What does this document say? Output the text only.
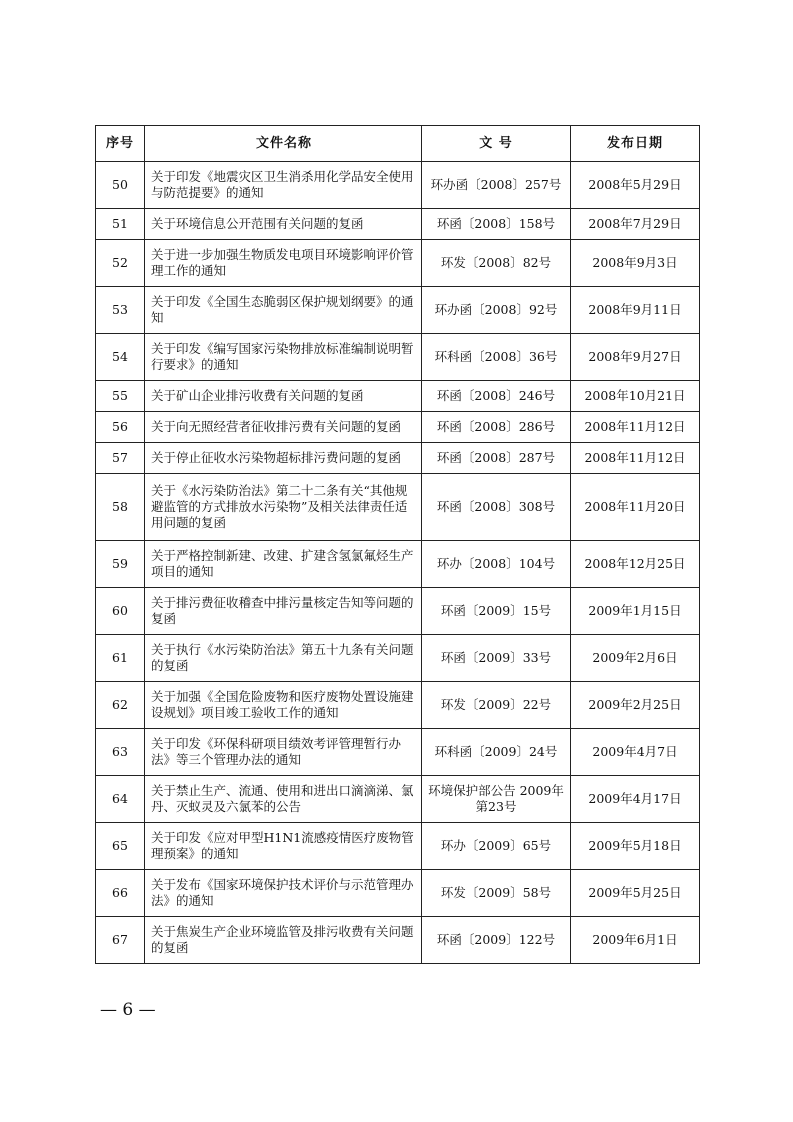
序号	文件名称	文 号	发布日期
50	关于印发《地震灾区卫生消杀用化学品安全使用与防范提要》的通知	环办函〔2008〕257号	2008年5月29日
51	关于环境信息公开范围有关问题的复函	环函〔2008〕158号	2008年7月29日
52	关于进一步加强生物质发电项目环境影响评价管理工作的通知	环发〔2008〕82号	2008年9月3日
53	关于印发《全国生态脆弱区保护规划纲要》的通知	环办函〔2008〕92号	2008年9月11日
54	关于印发《编写国家污染物排放标准编制说明暂行要求》的通知	环科函〔2008〕36号	2008年9月27日
55	关于矿山企业排污收费有关问题的复函	环函〔2008〕246号	2008年10月21日
56	关于向无照经营者征收排污费有关问题的复函	环函〔2008〕286号	2008年11月12日
57	关于停止征收水污染物超标排污费问题的复函	环函〔2008〕287号	2008年11月12日
58	关于《水污染防治法》第二十二条有关“其他规避监管的方式排放水污染物”及相关法律责任适用问题的复函	环函〔2008〕308号	2008年11月20日
59	关于严格控制新建、改建、扩建含氢氯氟烃生产项目的通知	环办〔2008〕104号	2008年12月25日
60	关于排污费征收稽查中排污量核定告知等问题的复函	环函〔2009〕15号	2009年1月15日
61	关于执行《水污染防治法》第五十九条有关问题的复函	环函〔2009〕33号	2009年2月6日
62	关于加强《全国危险废物和医疗废物处置设施建设规划》项目竣工验收工作的通知	环发〔2009〕22号	2009年2月25日
63	关于印发《环保科研项目绩效考评管理暂行办法》等三个管理办法的通知	环科函〔2009〕24号	2009年4月7日
64	关于禁止生产、流通、使用和进出口滴滴涕、氯丹、灭蚁灵及六氯苯的公告	环境保护部公告 2009年第23号	2009年4月17日
65	关于印发《应对甲型H1N1流感疫情医疗废物管理预案》的通知	环办〔2009〕65号	2009年5月18日
66	关于发布《国家环境保护技术评价与示范管理办法》的通知	环发〔2009〕58号	2009年5月25日
67	关于焦炭生产企业环境监管及排污收费有关问题的复函	环函〔2009〕122号	2009年6月1日
— 6 —
